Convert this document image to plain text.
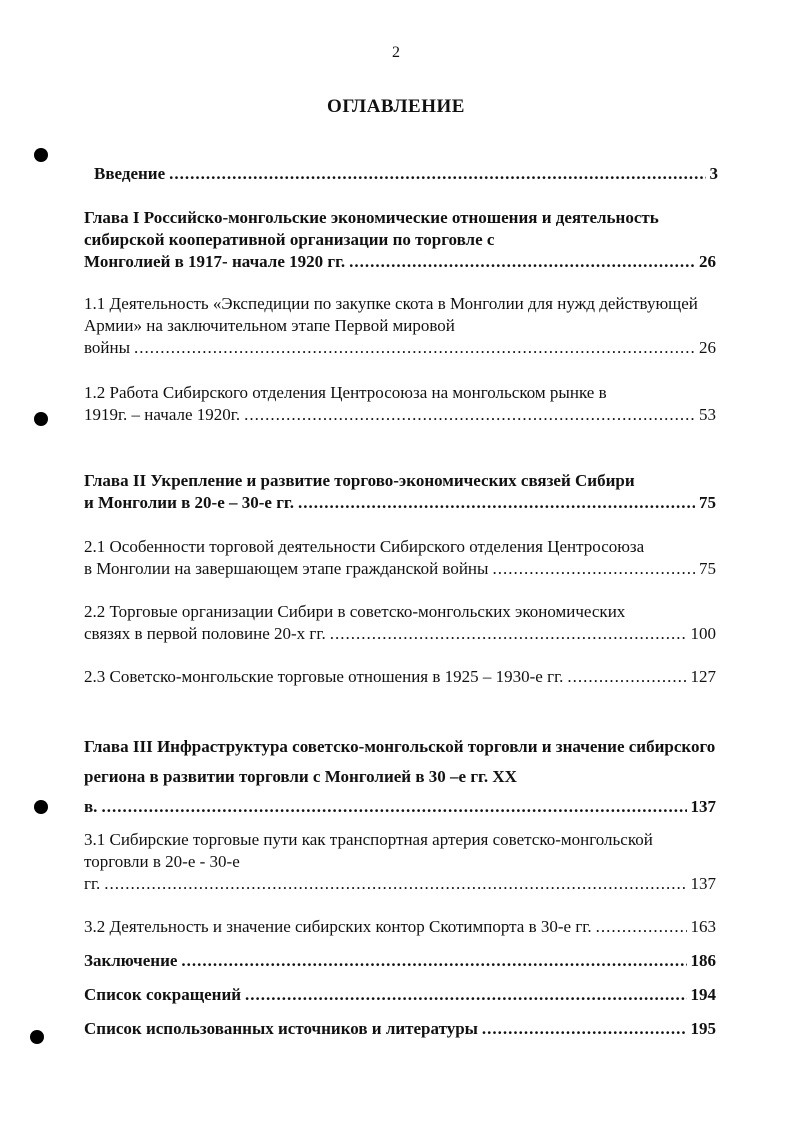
2
ОГЛАВЛЕНИЕ
Введение .....	3
Глава I Российско-монгольские экономические отношения и деятельность сибирской кооперативной организации по торговле с
Монголией в 1917- начале 1920 гг. .....	26
1.1 Деятельность «Экспедиции по закупке скота в Монголии для нужд действующей Армии» на заключительном этапе Первой мировой
войны .....	26
1.2 Работа Сибирского отделения Центросоюза на монгольском рынке в
1919г. – начале 1920г. .....	53
Глава II Укрепление и развитие торгово-экономических связей Сибири
и Монголии в 20-е – 30-е гг. .....	75
2.1 Особенности торговой деятельности Сибирского отделения Центросоюза
в Монголии на завершающем этапе гражданской войны .....	75
2.2 Торговые организации Сибири в советско-монгольских экономических
связях в первой половине 20-х гг. .....	100
2.3 Советско-монгольские торговые отношения в 1925 – 1930-е гг. .....	127
Глава III Инфраструктура советско-монгольской торговли и значение сибирского региона в развитии торговли с Монголией в 30 –е гг. XX
в. .....	137
3.1 Сибирские торговые пути как транспортная артерия советско-монгольской торговли в 20-е - 30-е
гг. .....	137
3.2 Деятельность и значение сибирских контор Скотимпорта в 30-е гг. .....	163
Заключение .....	186
Список сокращений .....	194
Список использованных источников и литературы .....	195
